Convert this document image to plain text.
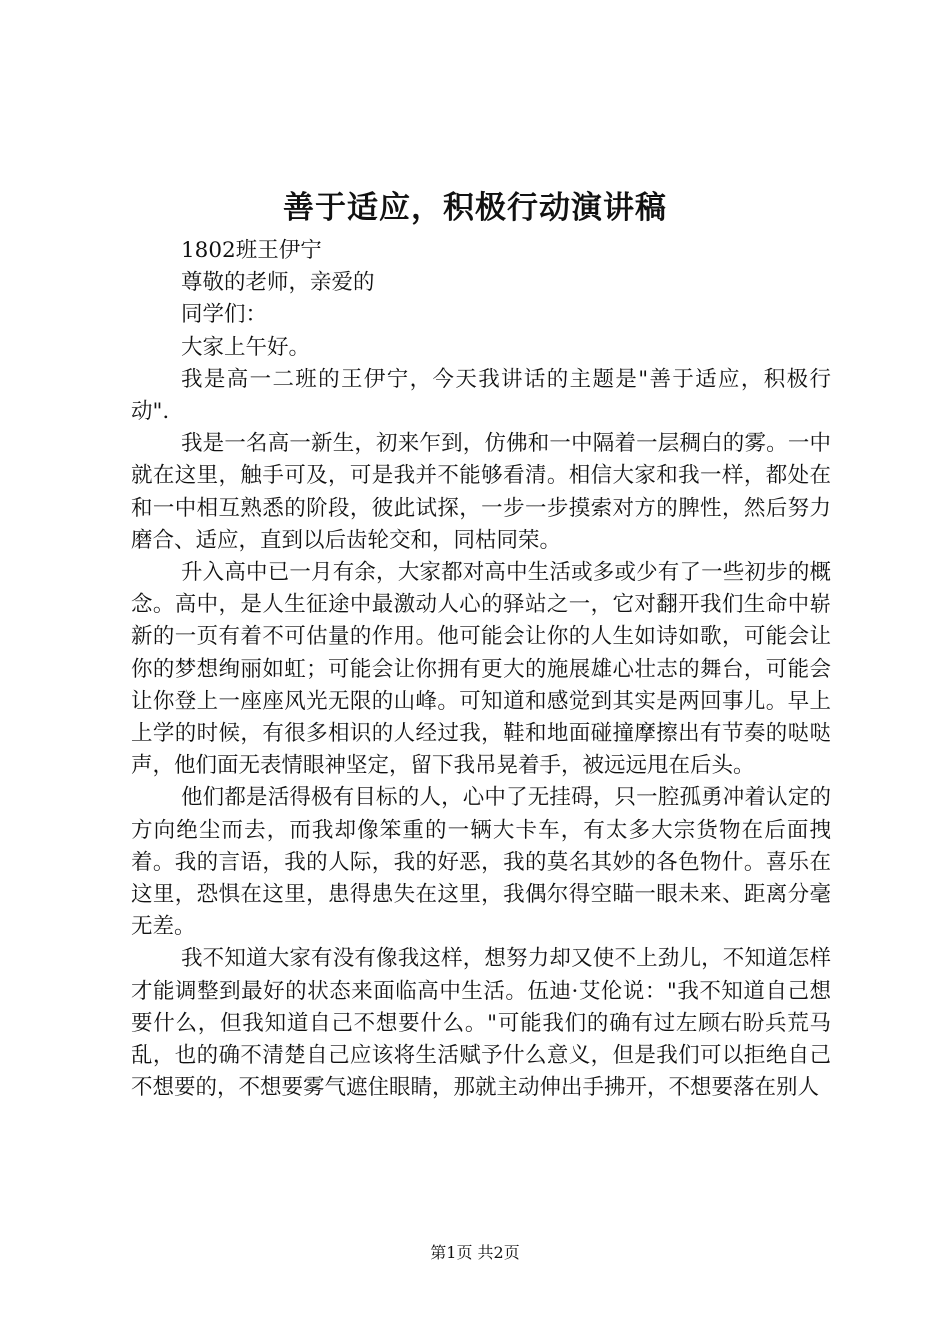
善于适应，积极行动演讲稿

1802班王伊宁

尊敬的老师，亲爱的

同学们：

大家上午好。

我是高一二班的王伊宁，今天我讲话的主题是"善于适应，积极行动".

我是一名高一新生，初来乍到，仿佛和一中隔着一层稠白的雾。一中就在这里，触手可及，可是我并不能够看清。相信大家和我一样，都处在和一中相互熟悉的阶段，彼此试探，一步一步摸索对方的脾性，然后努力磨合、适应，直到以后齿轮交和，同枯同荣。

升入高中已一月有余，大家都对高中生活或多或少有了一些初步的概念。高中，是人生征途中最激动人心的驿站之一，它对翻开我们生命中崭新的一页有着不可估量的作用。他可能会让你的人生如诗如歌，可能会让你的梦想绚丽如虹；可能会让你拥有更大的施展雄心壮志的舞台，可能会让你登上一座座风光无限的山峰。可知道和感觉到其实是两回事儿。早上上学的时候，有很多相识的人经过我，鞋和地面碰撞摩擦出有节奏的哒哒声，他们面无表情眼神坚定，留下我吊晃着手，被远远甩在后头。

他们都是活得极有目标的人，心中了无挂碍，只一腔孤勇冲着认定的方向绝尘而去，而我却像笨重的一辆大卡车，有太多大宗货物在后面拽着。我的言语，我的人际，我的好恶，我的莫名其妙的各色物什。喜乐在这里，恐惧在这里，患得患失在这里，我偶尔得空瞄一眼未来、距离分毫无差。

我不知道大家有没有像我这样，想努力却又使不上劲儿，不知道怎样才能调整到最好的状态来面临高中生活。伍迪·艾伦说："我不知道自己想要什么，但我知道自己不想要什么。"可能我们的确有过左顾右盼兵荒马乱，也的确不清楚自己应该将生活赋予什么意义，但是我们可以拒绝自己不想要的，不想要雾气遮住眼睛，那就主动伸出手拂开，不想要落在别人

第1页 共2页
